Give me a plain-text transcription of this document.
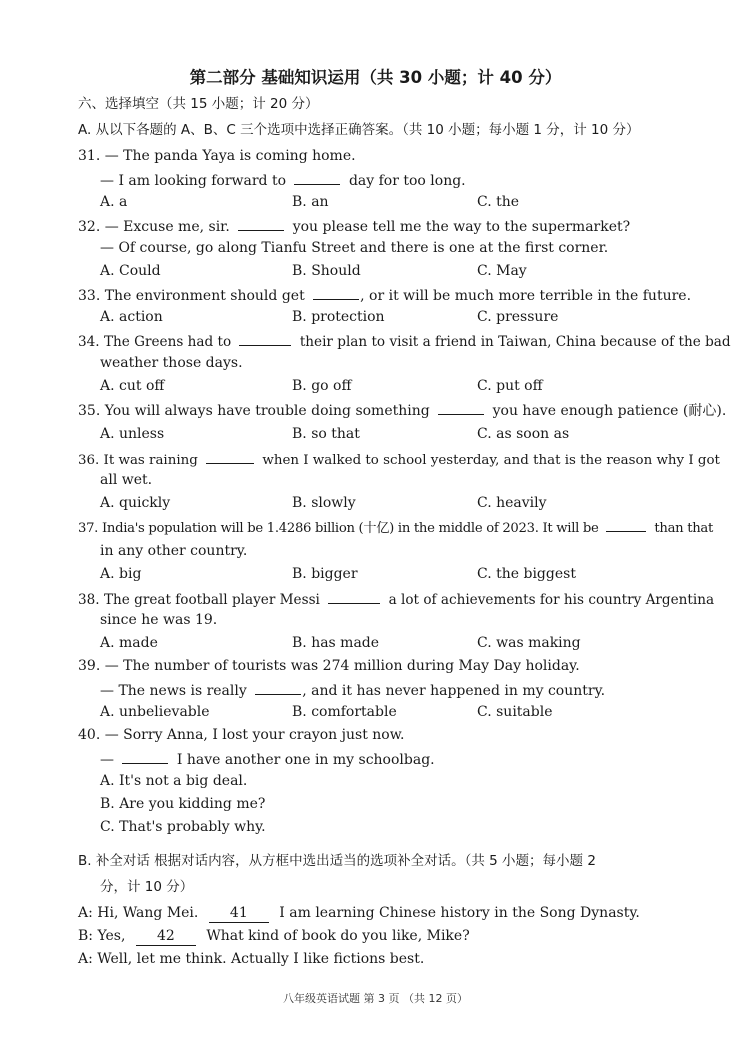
第二部分 基础知识运用（共 30 小题；计 40 分）
六、选择填空（共 15 小题；计 20 分）
A. 从以下各题的 A、B、C 三个选项中选择正确答案。（共 10 小题；每小题 1 分，计 10 分）
31. — The panda Yaya is coming home.
— I am looking forward to	day for too long.
A. a	B. an	C. the
32. — Excuse me, sir.	you please tell me the way to the supermarket?
— Of course, go along Tianfu Street and there is one at the first corner.
A. Could	B. Should	C. May
33. The environment should get	, or it will be much more terrible in the future.
A. action	B. protection	C. pressure
34. The Greens had to	their plan to visit a friend in Taiwan, China because of the bad
weather those days.
A. cut off	B. go off	C. put off
35. You will always have trouble doing something	you have enough patience (耐心).
A. unless	B. so that	C. as soon as
36. It was raining	when I walked to school yesterday, and that is the reason why I got
all wet.
A. quickly	B. slowly	C. heavily
37. India's population will be 1.4286 billion (十亿) in the middle of 2023. It will be	than that
in any other country.
A. big	B. bigger	C. the biggest
38. The great football player Messi	a lot of achievements for his country Argentina
since he was 19.
A. made	B. has made	C. was making
39. — The number of tourists was 274 million during May Day holiday.
— The news is really	, and it has never happened in my country.
A. unbelievable	B. comfortable	C. suitable
40. — Sorry Anna, I lost your crayon just now.
—	I have another one in my schoolbag.
A. It's not a big deal.
B. Are you kidding me?
C. That's probably why.
B. 补全对话 根据对话内容，从方框中选出适当的选项补全对话。（共 5 小题；每小题 2
分，计 10 分）
A: Hi, Wang Mei. 41 I am learning Chinese history in the Song Dynasty.
B: Yes, 42 What kind of book do you like, Mike?
A: Well, let me think. Actually I like fictions best.
八年级英语试题 第 3 页 （共 12 页）
